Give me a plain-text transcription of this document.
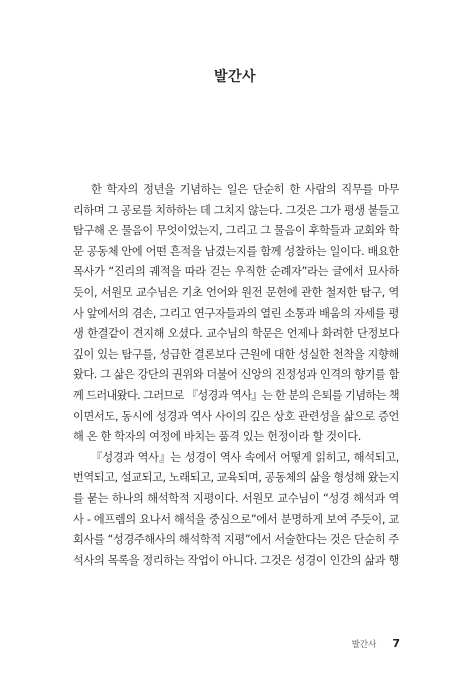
발간사
한 학자의 정년을 기념하는 일은 단순히 한 사람의 직무를 마무
리하며 그 공로를 치하하는 데 그치지 않는다. 그것은 그가 평생 붙들고
탐구해 온 물음이 무엇이었는지, 그리고 그 물음이 후학들과 교회와 학
문 공동체 안에 어떤 흔적을 남겼는지를 함께 성찰하는 일이다. 배요한
목사가 “진리의 궤적을 따라 걷는 우직한 순례자”라는 글에서 묘사하
듯이, 서원모 교수님은 기초 언어와 원전 문헌에 관한 철저한 탐구, 역
사 앞에서의 겸손, 그리고 연구자들과의 열린 소통과 배움의 자세를 평
생 한결같이 견지해 오셨다. 교수님의 학문은 언제나 화려한 단정보다
깊이 있는 탐구를, 성급한 결론보다 근원에 대한 성실한 천착을 지향해
왔다. 그 삶은 강단의 권위와 더불어 신앙의 진정성과 인격의 향기를 함
께 드러내왔다. 그러므로 『성경과 역사』는 한 분의 은퇴를 기념하는 책
이면서도, 동시에 성경과 역사 사이의 깊은 상호 관련성을 삶으로 증언
해 온 한 학자의 여정에 바치는 품격 있는 헌정이라 할 것이다.
『성경과 역사』는 성경이 역사 속에서 어떻게 읽히고, 해석되고,
번역되고, 설교되고, 노래되고, 교육되며, 공동체의 삶을 형성해 왔는지
를 묻는 하나의 해석학적 지평이다. 서원모 교수님이 “성경 해석과 역
사 - 에프렘의 요나서 해석을 중심으로”에서 분명하게 보여 주듯이, 교
회사를 “성경주해사의 해석학적 지평”에서 서술한다는 것은 단순히 주
석사의 목록을 정리하는 작업이 아니다. 그것은 성경이 인간의 삶과 행
발간사 7
